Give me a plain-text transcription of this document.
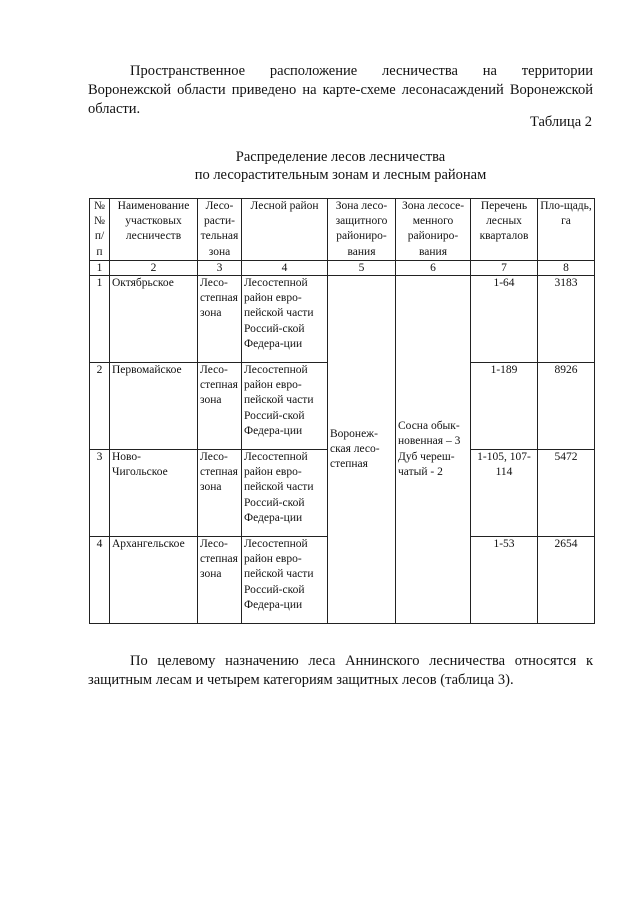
Пространственное расположение лесничества на территории Воронежской области приведено на карте-схеме лесонасаждений Воронежской области.

Таблица 2

Распределение лесов лесничества
по лесорастительным зонам и лесным районам
№ № п/ п	Наименование участковых лесничеств	Лесо-расти-тельная зона	Лесной район	Зона лесо-защитного райониро-вания	Зона лесосе-менного райониро-вания	Перечень лесных кварталов	Пло-щадь, га
1	2	3	4	5	6	7	8
1	Октябрьское	Лесо-степная зона	Лесостепной район евро-пейской части Россий-ской Федера-ции	Воронеж-ская лесо-степная	Сосна обык-новенная – 3 Дуб череш-чатый - 2	1-64	3183
2	Первомайское	Лесо-степная зона	Лесостепной район евро-пейской части Россий-ской Федера-ции			1-189	8926
3	Ново-Чигольское	Лесо-степная зона	Лесостепной район евро-пейской части Россий-ской Федера-ции			1-105, 107-114	5472
4	Архангельское	Лесо-степная зона	Лесостепной район евро-пейской части Россий-ской Федера-ции			1-53	2654

По целевому назначению леса Аннинского лесничества относятся к защитным лесам и четырем категориям защитных лесов (таблица 3).
